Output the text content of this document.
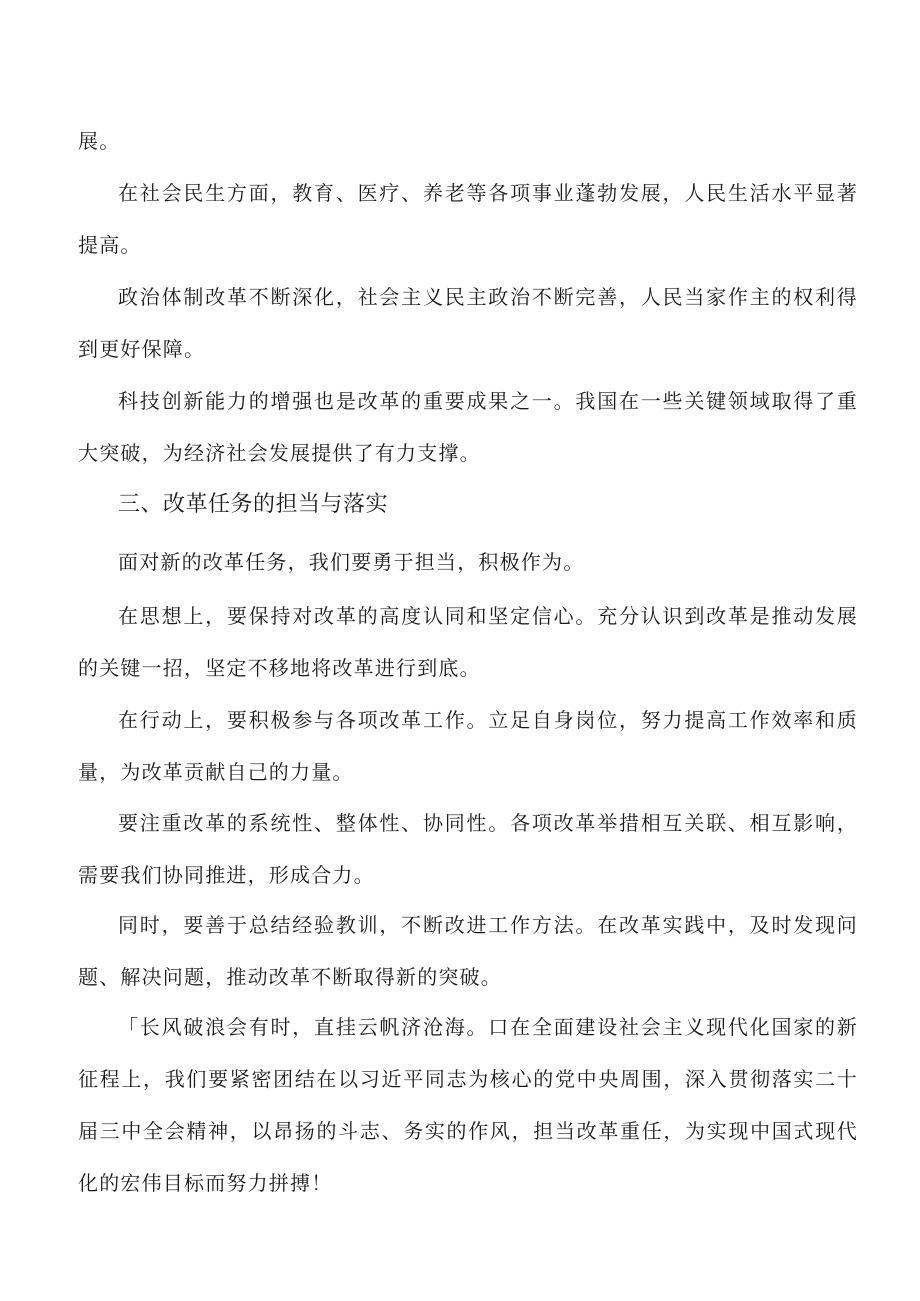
展。

在社会民生方面，教育、医疗、养老等各项事业蓬勃发展，人民生活水平显著提高。

政治体制改革不断深化，社会主义民主政治不断完善，人民当家作主的权利得到更好保障。

科技创新能力的增强也是改革的重要成果之一。我国在一些关键领域取得了重大突破，为经济社会发展提供了有力支撑。

三、改革任务的担当与落实

面对新的改革任务，我们要勇于担当，积极作为。

在思想上，要保持对改革的高度认同和坚定信心。充分认识到改革是推动发展的关键一招，坚定不移地将改革进行到底。

在行动上，要积极参与各项改革工作。立足自身岗位，努力提高工作效率和质量，为改革贡献自己的力量。

要注重改革的系统性、整体性、协同性。各项改革举措相互关联、相互影响，需要我们协同推进，形成合力。

同时，要善于总结经验教训，不断改进工作方法。在改革实践中，及时发现问题、解决问题，推动改革不断取得新的突破。

「长风破浪会有时，直挂云帆济沧海。口在全面建设社会主义现代化国家的新征程上，我们要紧密团结在以习近平同志为核心的党中央周围，深入贯彻落实二十届三中全会精神，以昂扬的斗志、务实的作风，担当改革重任，为实现中国式现代化的宏伟目标而努力拼搏！
